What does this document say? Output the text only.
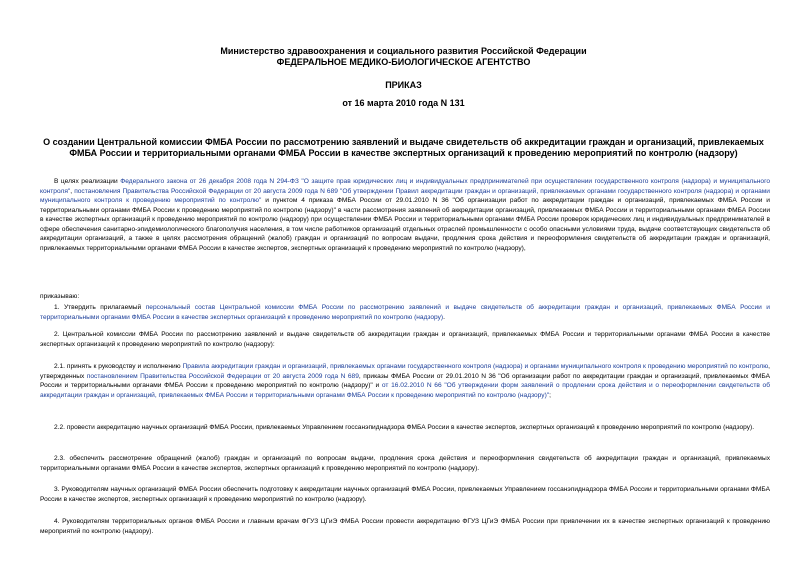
Министерство здравоохранения и социального развития Российской Федерации
ФЕДЕРАЛЬНОЕ МЕДИКО-БИОЛОГИЧЕСКОЕ АГЕНТСТВО
ПРИКАЗ
от 16 марта 2010 года N 131
О создании Центральной комиссии ФМБА России по рассмотрению заявлений и выдаче свидетельств об аккредитации граждан и организаций, привлекаемых ФМБА России и территориальными органами ФМБА России в качестве экспертных организаций к проведению мероприятий по контролю (надзору)
В целях реализации Федерального закона от 26 декабря 2008 года N 294-ФЗ "О защите прав юридических лиц и индивидуальных предпринимателей при осуществлении государственного контроля (надзора) и муниципального контроля", постановления Правительства Российской Федерации от 20 августа 2009 года N 689 "Об утверждении Правил аккредитации граждан и организаций, привлекаемых органами государственного контроля (надзора) и органами муниципального контроля к проведению мероприятий по контролю" и пунктом 4 приказа ФМБА России от 29.01.2010 N 36 "Об организации работ по аккредитации граждан и организаций, привлекаемых ФМБА России и территориальными органами ФМБА России к проведению мероприятий по контролю (надзору)" в части рассмотрения заявлений об аккредитации организаций, привлекаемых ФМБА России и территориальными органами ФМБА России в качестве экспертных организаций к проведению мероприятий по контролю (надзору) при осуществлении ФМБА России и территориальными органами ФМБА России проверок юридических лиц и индивидуальных предпринимателей в сфере обеспечения санитарно-эпидемиологического благополучия населения, в том числе работников организаций отдельных отраслей промышленности с особо опасными условиями труда, выдаче соответствующих свидетельств об аккредитации организаций, а также в целях рассмотрения обращений (жалоб) граждан и организаций по вопросам выдачи, продления срока действия и переоформления свидетельств об аккредитации граждан и организаций, привлекаемых территориальными органами ФМБА России в качестве экспертов, экспертных организаций к проведению мероприятий по контролю (надзору),
приказываю:
1. Утвердить прилагаемый персональный состав Центральной комиссии ФМБА России по рассмотрению заявлений и выдаче свидетельств об аккредитации граждан и организаций, привлекаемых ФМБА России и территориальными органами ФМБА России в качестве экспертных организаций к проведению мероприятий по контролю (надзору).
2. Центральной комиссии ФМБА России по рассмотрению заявлений и выдаче свидетельств об аккредитации граждан и организаций, привлекаемых ФМБА России и территориальными органами ФМБА России в качестве экспертных организаций к проведению мероприятий по контролю (надзору):
2.1. принять к руководству и исполнению Правила аккредитации граждан и организаций, привлекаемых органами государственного контроля (надзора) и органами муниципального контроля к проведению мероприятий по контролю, утвержденных постановлением Правительства Российской Федерации от 20 августа 2009 года N 689, приказы ФМБА России от 29.01.2010 N 36 "Об организации работ по аккредитации граждан и организаций, привлекаемых ФМБА России и территориальными органами ФМБА России к проведению мероприятий по контролю (надзору)" и от 16.02.2010 N 66 "Об утверждении форм заявлений о продлении срока действия и о переоформлении свидетельств об аккредитации граждан и организаций, привлекаемых ФМБА России и территориальными органами ФМБА России к проведению мероприятий по контролю (надзору)";
2.2. провести аккредитацию научных организаций ФМБА России, привлекаемых Управлением госсанэпиднадзора ФМБА России в качестве экспертов, экспертных организаций к проведению мероприятий по контролю (надзору).
2.3. обеспечить рассмотрение обращений (жалоб) граждан и организаций по вопросам выдачи, продления срока действия и переоформления свидетельств об аккредитации граждан и организаций, привлекаемых территориальными органами ФМБА России в качестве экспертов, экспертных организаций к проведению мероприятий по контролю (надзору).
3. Руководителям научных организаций ФМБА России обеспечить подготовку к аккредитации научных организаций ФМБА России, привлекаемых Управлением госсанэпиднадзора ФМБА России и территориальными органами ФМБА России в качестве экспертов, экспертных организаций к проведению мероприятий по контролю (надзору).
4. Руководителям территориальных органов ФМБА России и главным врачам ФГУЗ ЦГиЭ ФМБА России провести аккредитацию ФГУЗ ЦГиЭ ФМБА России при привлечении их в качестве экспертных организаций к проведению мероприятий по контролю (надзору).
